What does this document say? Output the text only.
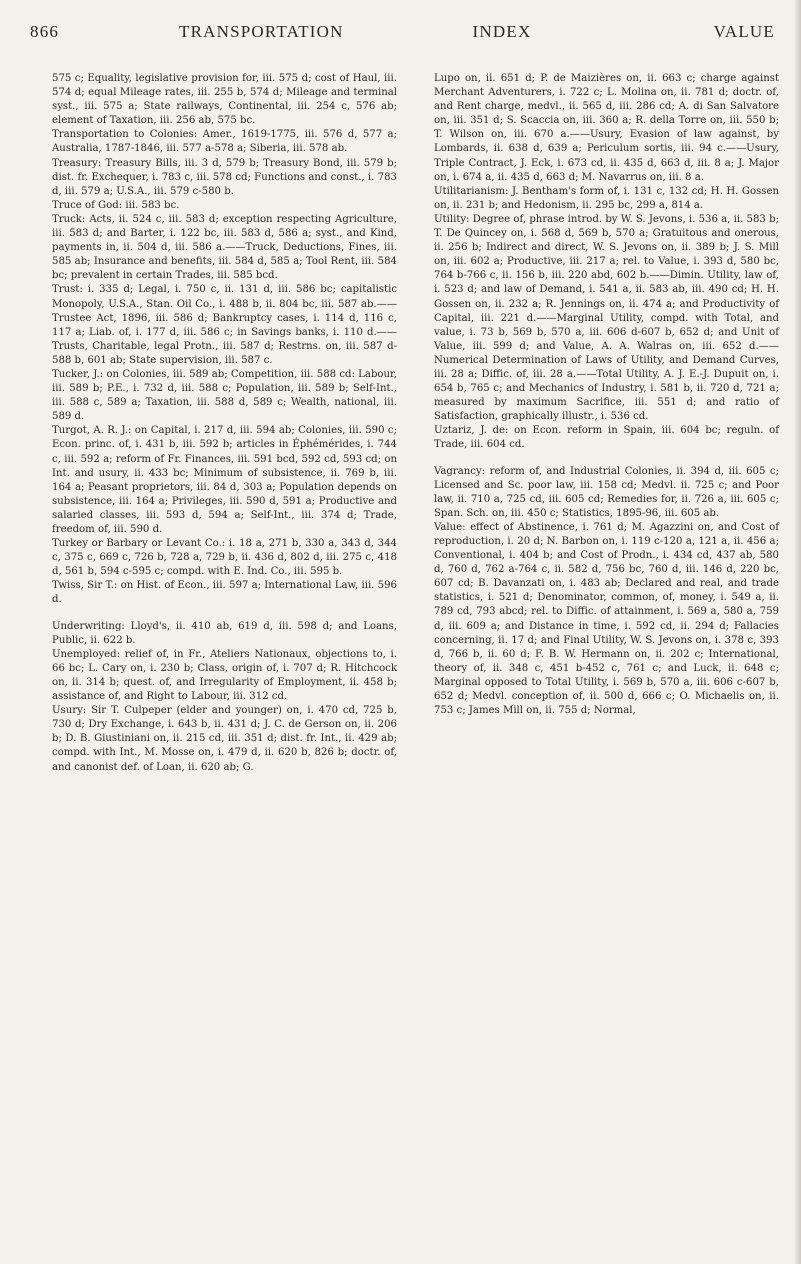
866	TRANSPORTATION	INDEX	VALUE

575 c; Equality, legislative provision for, iii. 575 d; cost of Haul, iii. 574 d; equal Mileage rates, iii. 255 b, 574 d; Mileage and terminal syst., iii. 575 a; State railways, Continental, iii. 254 c, 576 ab; element of Taxation, iii. 256 ab, 575 bc.

Transportation to Colonies: Amer., 1619-1775, iii. 576 d, 577 a; Australia, 1787-1846, iii. 577 a-578 a; Siberia, iii. 578 ab.

Treasury: Treasury Bills, iii. 3 d, 579 b; Treasury Bond, iii. 579 b; dist. fr. Exchequer, i. 783 c, iii. 578 cd; Functions and const., i. 783 d, iii. 579 a; U.S.A., iii. 579 c-580 b.

Truce of God: iii. 583 bc.

Truck: Acts, ii. 524 c, iii. 583 d; exception respecting Agriculture, iii. 583 d; and Barter, i. 122 bc, iii. 583 d, 586 a; syst., and Kind, payments in, ii. 504 d, iii. 586 a.——Truck, Deductions, Fines, iii. 585 ab; Insurance and benefits, iii. 584 d, 585 a; Tool Rent, iii. 584 bc; prevalent in certain Trades, iii. 585 bcd.

Trust: i. 335 d; Legal, i. 750 c, ii. 131 d, iii. 586 bc; capitalistic Monopoly, U.S.A., Stan. Oil Co., i. 488 b, ii. 804 bc, iii. 587 ab.——Trustee Act, 1896, iii. 586 d; Bankruptcy cases, i. 114 d, 116 c, 117 a; Liab. of, i. 177 d, iii. 586 c; in Savings banks, i. 110 d.——Trusts, Charitable, legal Protn., iii. 587 d; Restrns. on, iii. 587 d-588 b, 601 ab; State supervision, iii. 587 c.

Tucker, J.: on Colonies, iii. 589 ab; Competition, iii. 588 cd: Labour, iii. 589 b; P.E., i. 732 d, iii. 588 c; Population, iii. 589 b; Self-Int., iii. 588 c, 589 a; Taxation, iii. 588 d, 589 c; Wealth, national, iii. 589 d.

Turgot, A. R. J.: on Capital, i. 217 d, iii. 594 ab; Colonies, iii. 590 c; Econ. princ. of, i. 431 b, iii. 592 b; articles in Éphémérides, i. 744 c, iii. 592 a; reform of Fr. Finances, iii. 591 bcd, 592 cd, 593 cd; on Int. and usury, ii. 433 bc; Minimum of subsistence, ii. 769 b, iii. 164 a; Peasant proprietors, iii. 84 d, 303 a; Population depends on subsistence, iii. 164 a; Privileges, iii. 590 d, 591 a; Productive and salaried classes, iii. 593 d, 594 a; Self-Int., iii. 374 d; Trade, freedom of, iii. 590 d.

Turkey or Barbary or Levant Co.: i. 18 a, 271 b, 330 a, 343 d, 344 c, 375 c, 669 c, 726 b, 728 a, 729 b, ii. 436 d, 802 d, iii. 275 c, 418 d, 561 b, 594 c-595 c; compd. with E. Ind. Co., iii. 595 b.

Twiss, Sir T.: on Hist. of Econ., iii. 597 a; International Law, iii. 596 d.

Underwriting: Lloyd's, ii. 410 ab, 619 d, iii. 598 d; and Loans, Public, ii. 622 b.

Unemployed: relief of, in Fr., Ateliers Nationaux, objections to, i. 66 bc; L. Cary on, i. 230 b; Class, origin of, i. 707 d; R. Hitchcock on, ii. 314 b; quest. of, and Irregularity of Employment, ii. 458 b; assistance of, and Right to Labour, iii. 312 cd.

Usury: Sir T. Culpeper (elder and younger) on, i. 470 cd, 725 b, 730 d; Dry Exchange, i. 643 b, ii. 431 d; J. C. de Gerson on, ii. 206 b; D. B. Giustiniani on, ii. 215 cd, iii. 351 d; dist. fr. Int., ii. 429 ab; compd. with Int., M. Mosse on, i. 479 d, ii. 620 b, 826 b; doctr. of, and canonist def. of Loan, ii. 620 ab; G.

Lupo on, ii. 651 d; P. de Maizières on, ii. 663 c; charge against Merchant Adventurers, i. 722 c; L. Molina on, ii. 781 d; doctr. of, and Rent charge, medvl., ii. 565 d, iii. 286 cd; A. di San Salvatore on, iii. 351 d; S. Scaccia on, iii. 360 a; R. della Torre on, iii. 550 b; T. Wilson on, iii. 670 a.——Usury, Evasion of law against, by Lombards, ii. 638 d, 639 a; Periculum sortis, iii. 94 c.——Usury, Triple Contract, J. Eck, i. 673 cd, ii. 435 d, 663 d, iii. 8 a; J. Major on, i. 674 a, ii. 435 d, 663 d; M. Navarrus on, iii. 8 a.

Utilitarianism: J. Bentham's form of, i. 131 c, 132 cd; H. H. Gossen on, ii. 231 b; and Hedonism, ii. 295 bc, 299 a, 814 a.

Utility: Degree of, phrase introd. by W. S. Jevons, i. 536 a, ii. 583 b; T. De Quincey on, i. 568 d, 569 b, 570 a; Gratuitous and onerous, ii. 256 b; Indirect and direct, W. S. Jevons on, ii. 389 b; J. S. Mill on, iii. 602 a; Productive, iii. 217 a; rel. to Value, i. 393 d, 580 bc, 764 b-766 c, ii. 156 b, iii. 220 abd, 602 b.——Dimin. Utility, law of, i. 523 d; and law of Demand, i. 541 a, ii. 583 ab, iii. 490 cd; H. H. Gossen on, ii. 232 a; R. Jennings on, ii. 474 a; and Productivity of Capital, iii. 221 d.——Marginal Utility, compd. with Total, and value, i. 73 b, 569 b, 570 a, iii. 606 d-607 b, 652 d; and Unit of Value, iii. 599 d; and Value, A. A. Walras on, iii. 652 d.——Numerical Determination of Laws of Utility, and Demand Curves, iii. 28 a; Diffic. of, iii. 28 a.——Total Utility, A. J. E.-J. Dupuit on, i. 654 b, 765 c; and Mechanics of Industry, i. 581 b, ii. 720 d, 721 a; measured by maximum Sacrifice, iii. 551 d; and ratio of Satisfaction, graphically illustr., i. 536 cd.

Uztariz, J. de: on Econ. reform in Spain, iii. 604 bc; reguln. of Trade, iii. 604 cd.

Vagrancy: reform of, and Industrial Colonies, ii. 394 d, iii. 605 c; Licensed and Sc. poor law, iii. 158 cd; Medvl. ii. 725 c; and Poor law, ii. 710 a, 725 cd, iii. 605 cd; Remedies for, ii. 726 a, iii. 605 c; Span. Sch. on, iii. 450 c; Statistics, 1895-96, iii. 605 ab.

Value: effect of Abstinence, i. 761 d; M. Agazzini on, and Cost of reproduction, i. 20 d; N. Barbon on, i. 119 c-120 a, 121 a, ii. 456 a; Conventional, i. 404 b; and Cost of Prodn., i. 434 cd, 437 ab, 580 d, 760 d, 762 a-764 c, ii. 582 d, 756 bc, 760 d, iii. 146 d, 220 bc, 607 cd; B. Davanzati on, i. 483 ab; Declared and real, and trade statistics, i. 521 d; Denominator, common, of, money, i. 549 a, ii. 789 cd, 793 abcd; rel. to Diffic. of attainment, i. 569 a, 580 a, 759 d, iii. 609 a; and Distance in time, i. 592 cd, ii. 294 d; Fallacies concerning, ii. 17 d; and Final Utility, W. S. Jevons on, i. 378 c, 393 d, 766 b, ii. 60 d; F. B. W. Hermann on, ii. 202 c; International, theory of, ii. 348 c, 451 b-452 c, 761 c; and Luck, ii. 648 c; Marginal opposed to Total Utility, i. 569 b, 570 a, iii. 606 c-607 b, 652 d; Medvl. conception of, ii. 500 d, 666 c; O. Michaelis on, ii. 753 c; James Mill on, ii. 755 d; Normal,
